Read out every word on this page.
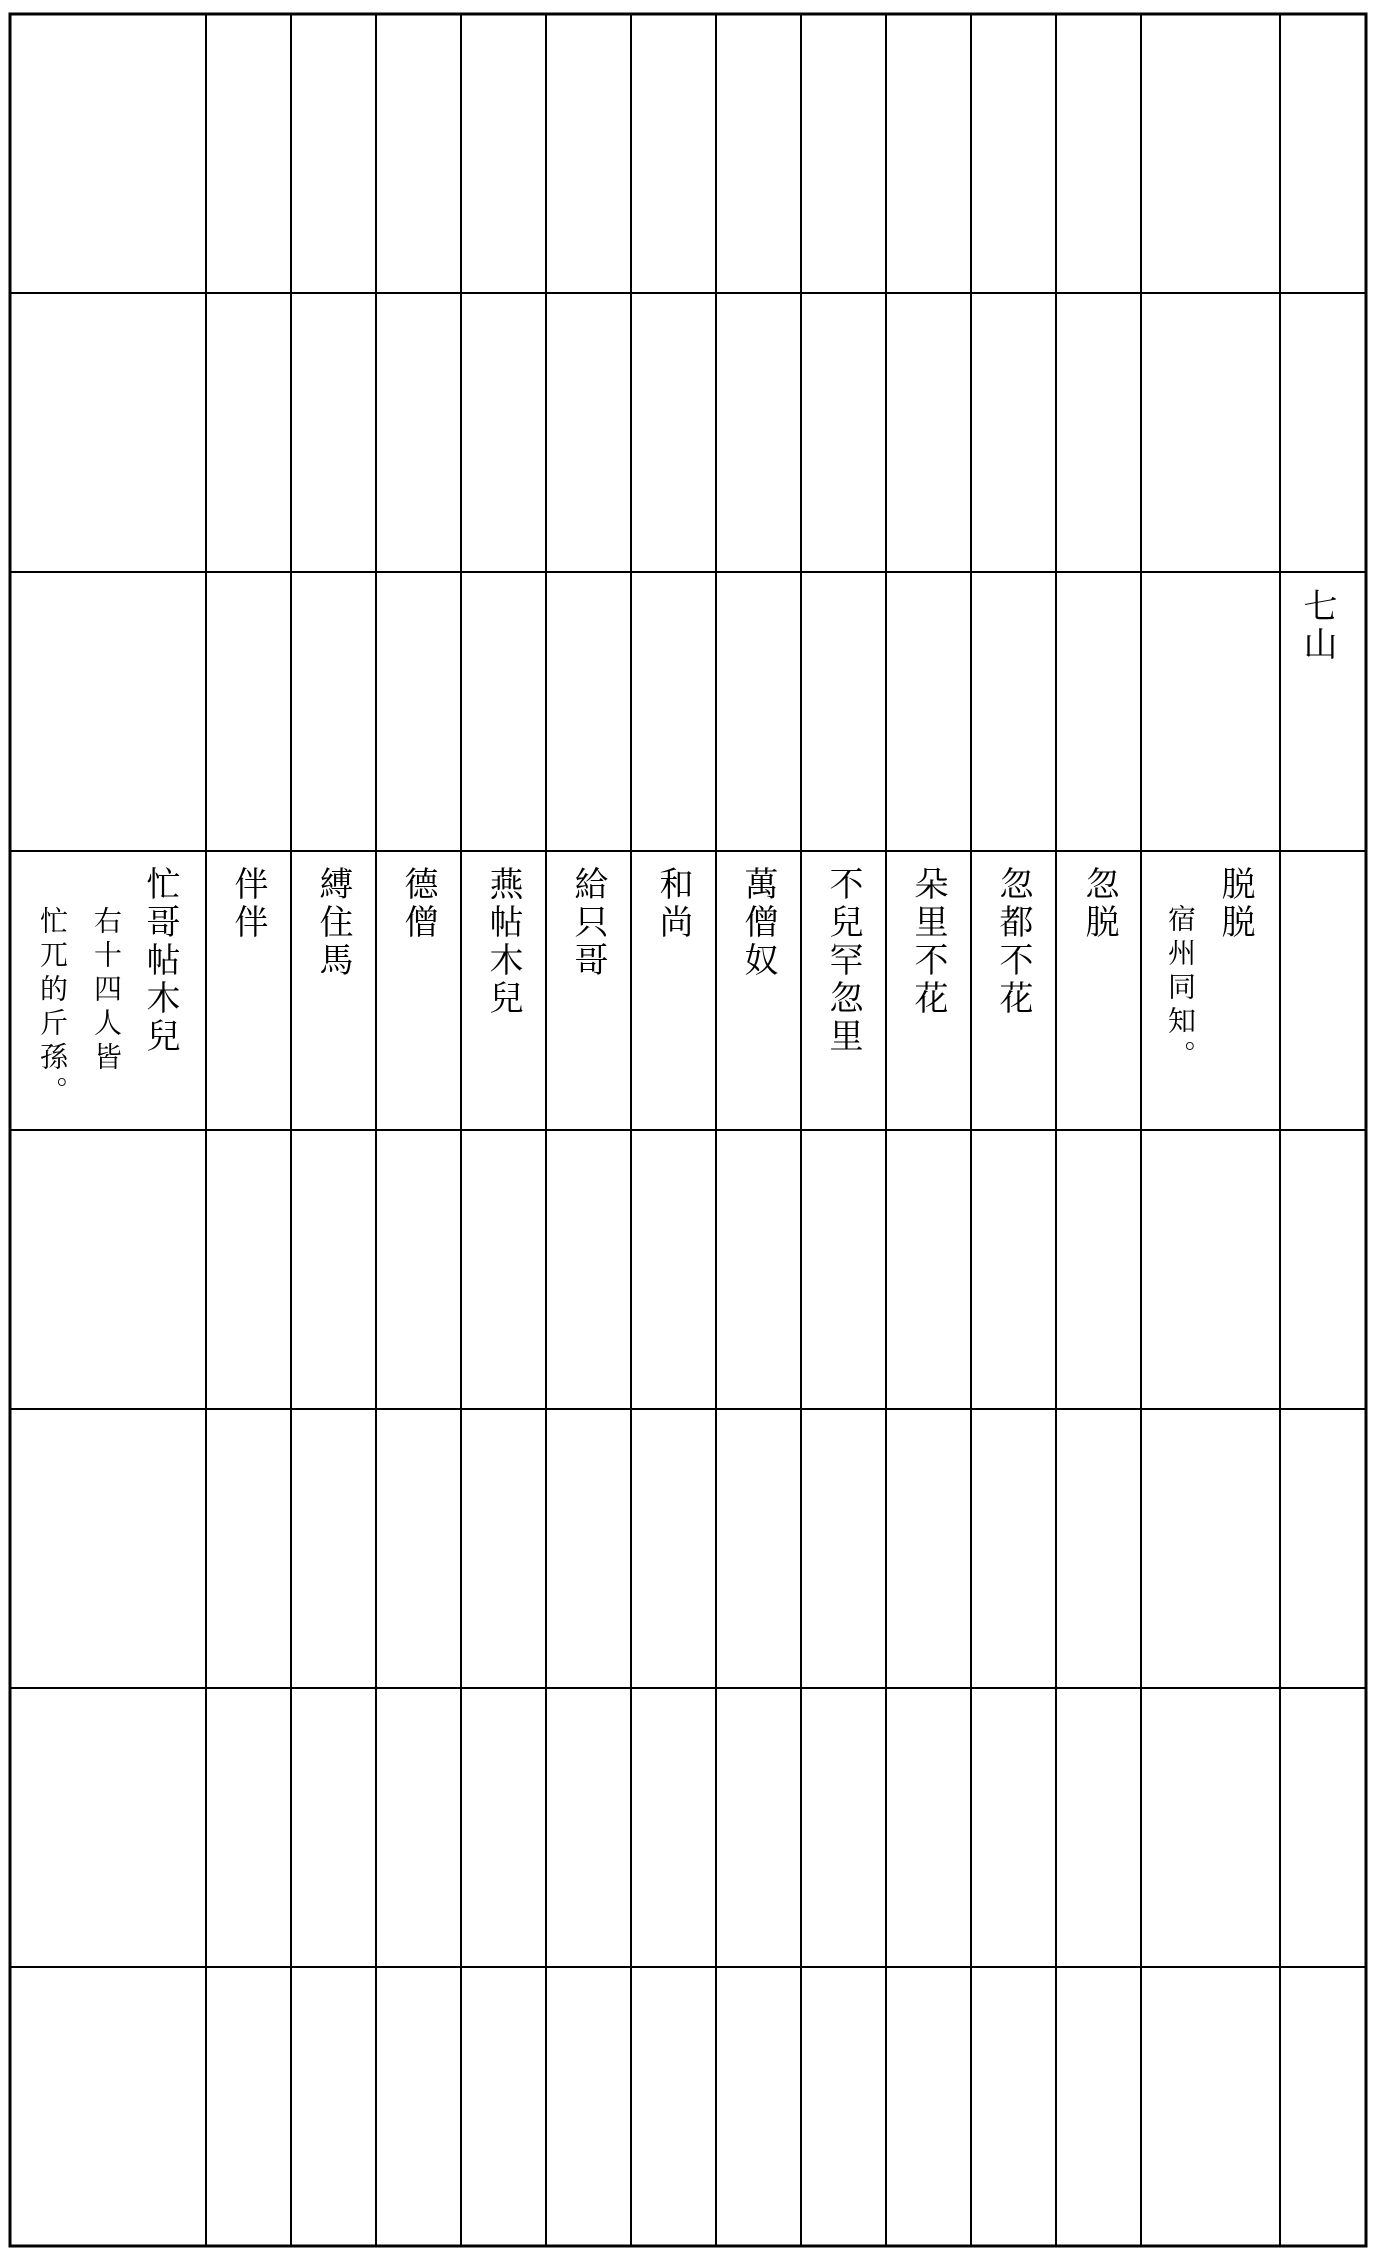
七山
脱脱
宿州同知。
忽脱
忽都不花
朵里不花
不兒罕忽里
萬僧奴
和尚
給只哥
燕帖木兒
德僧
縛住馬
伴伴
忙哥帖木兒
右十四人皆
忙兀的斤孫。
